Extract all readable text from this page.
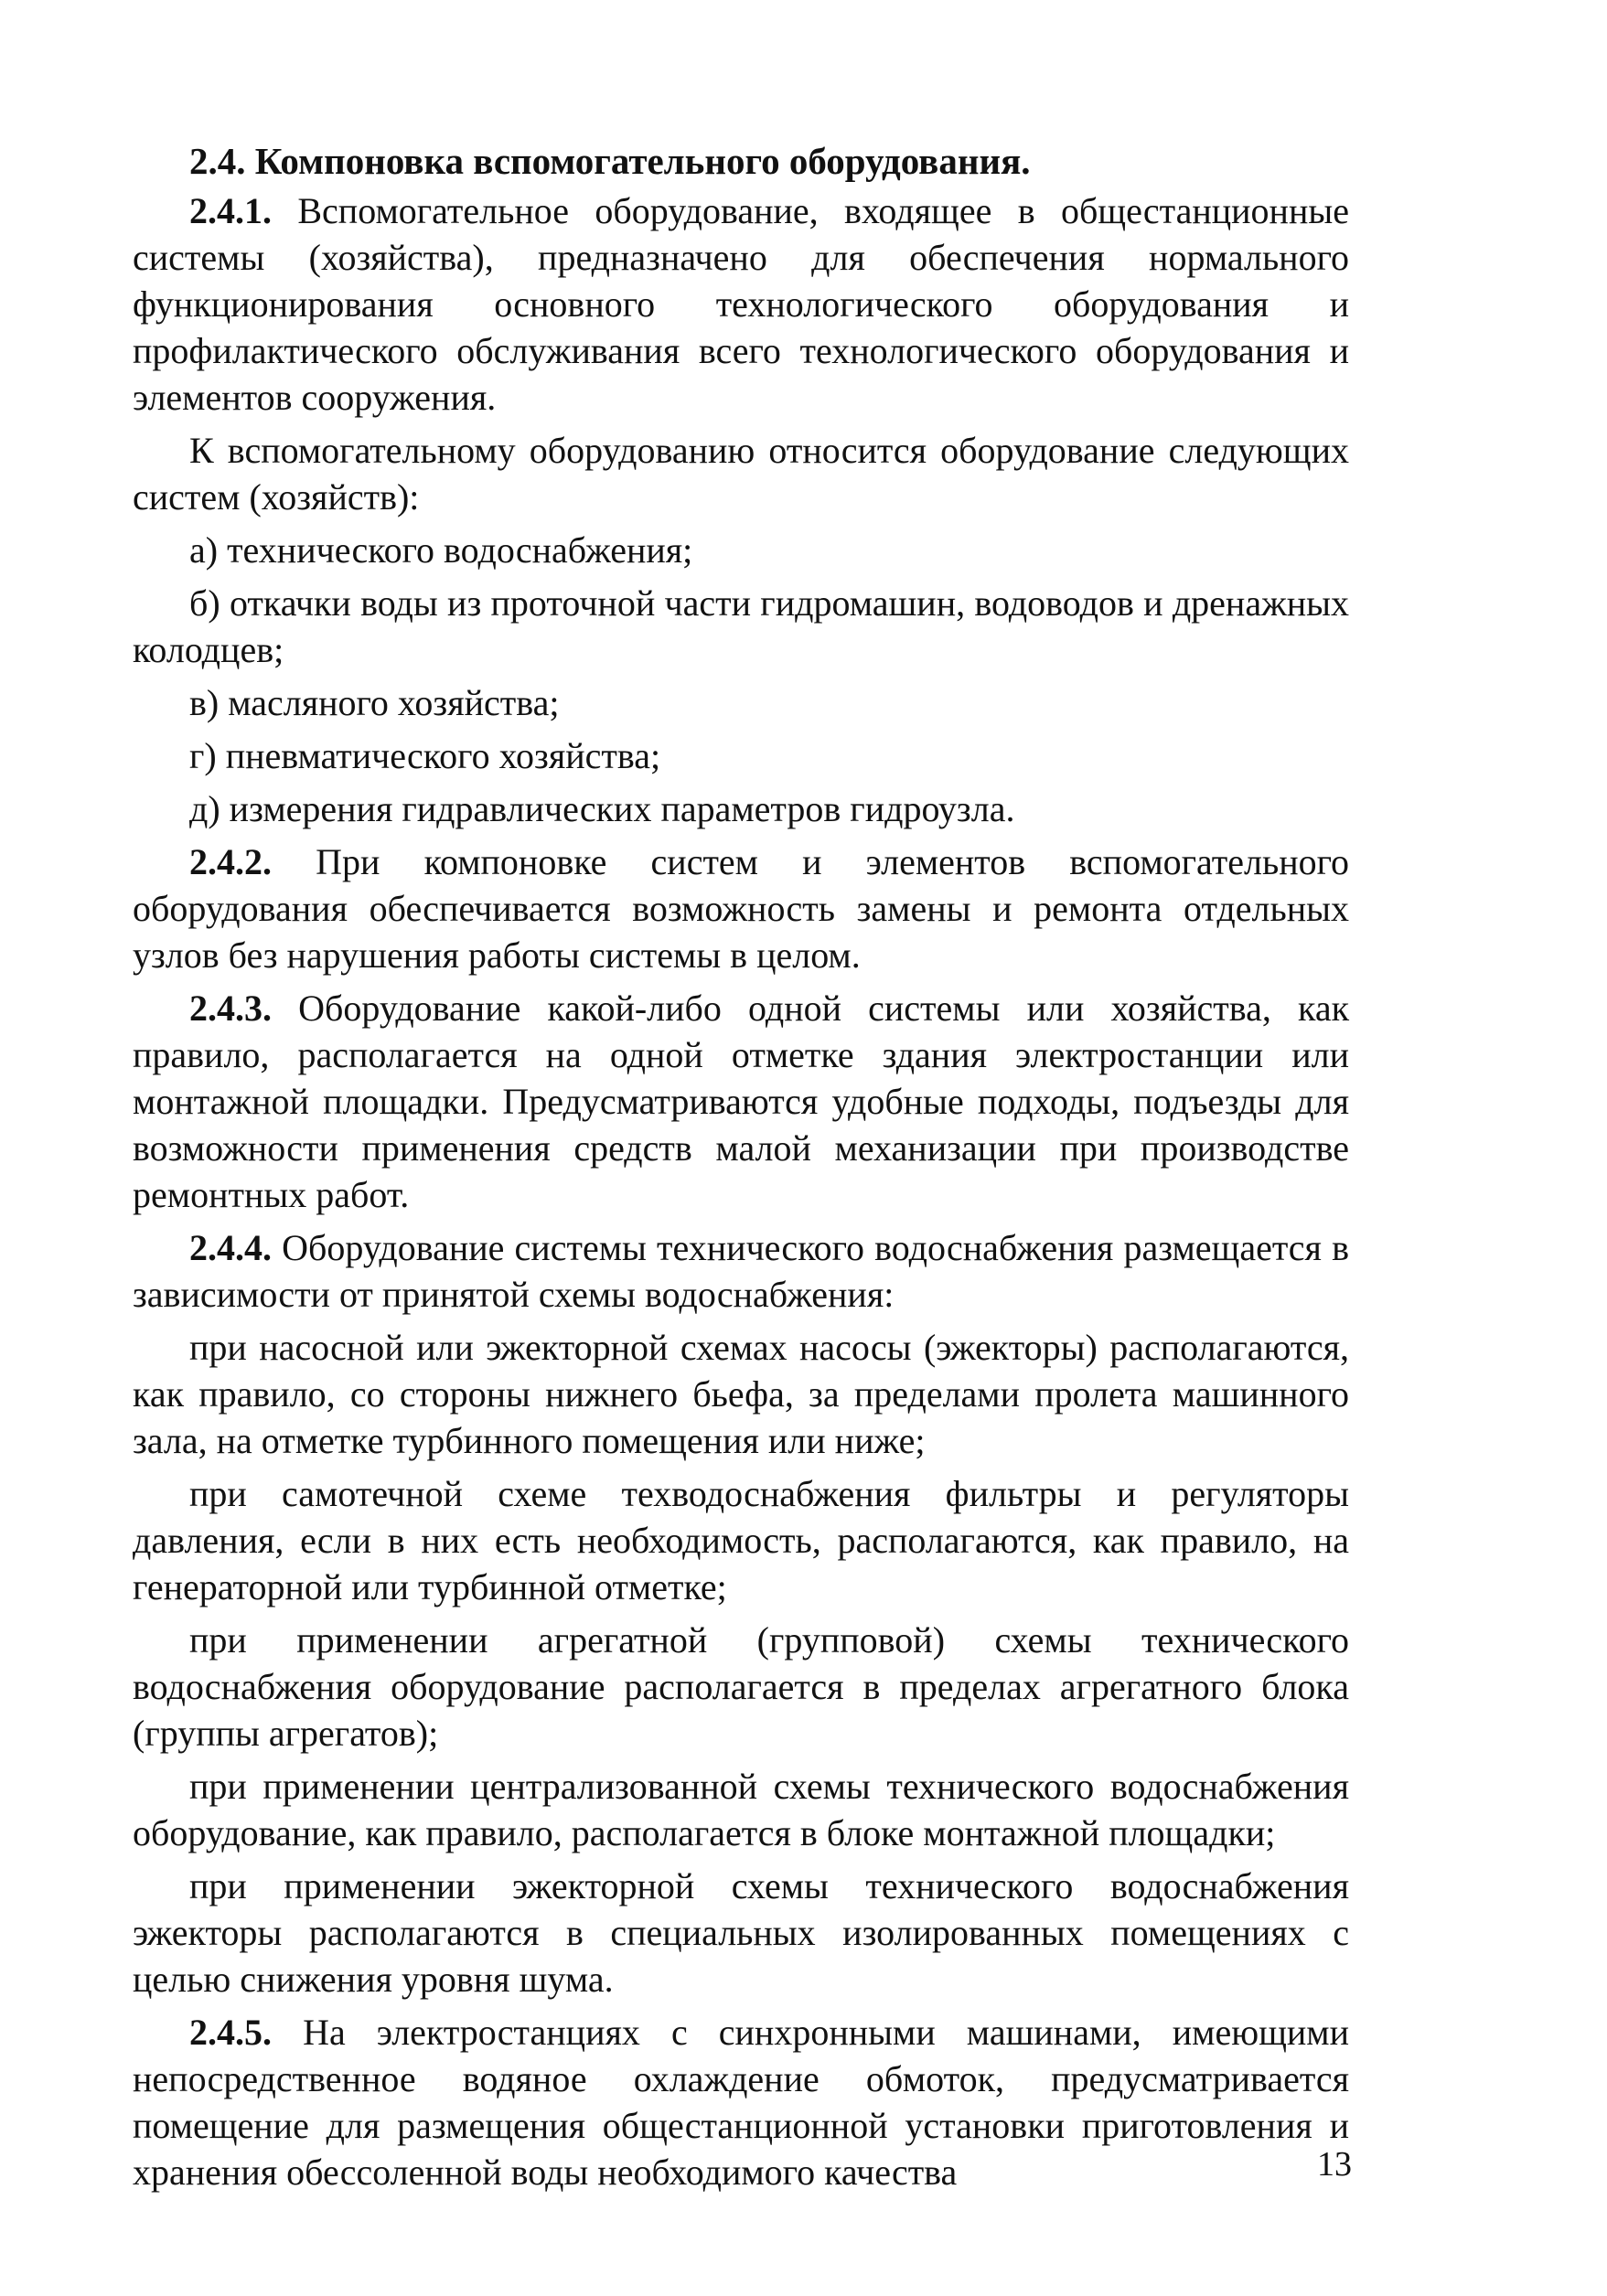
2.4. Компоновка вспомогательного оборудования.
2.4.1. Вспомогательное оборудование, входящее в общестанционные системы (хозяйства), предназначено для обеспечения нормального функционирования основного технологического оборудования и профилактического обслуживания всего технологического оборудования и элементов сооружения.
К вспомогательному оборудованию относится оборудование следующих систем (хозяйств):
а) технического водоснабжения;
б) откачки воды из проточной части гидромашин, водоводов и дренажных колодцев;
в) масляного хозяйства;
г) пневматического хозяйства;
д) измерения гидравлических параметров гидроузла.
2.4.2. При компоновке систем и элементов вспомогательного оборудования обеспечивается возможность замены и ремонта отдельных узлов без нарушения работы системы в целом.
2.4.3. Оборудование какой-либо одной системы или хозяйства, как правило, располагается на одной отметке здания электростанции или монтажной площадки. Предусматриваются удобные подходы, подъезды для возможности применения средств малой механизации при производстве ремонтных работ.
2.4.4. Оборудование системы технического водоснабжения размещается в зависимости от принятой схемы водоснабжения:
при насосной или эжекторной схемах насосы (эжекторы) располагаются, как правило, со стороны нижнего бьефа, за пределами пролета машинного зала, на отметке турбинного помещения или ниже;
при самотечной схеме техводоснабжения фильтры и регуляторы давления, если в них есть необходимость, располагаются, как правило, на генераторной или турбинной отметке;
при применении агрегатной (групповой) схемы технического водоснабжения оборудование располагается в пределах агрегатного блока (группы агрегатов);
при применении централизованной схемы технического водоснабжения оборудование, как правило, располагается в блоке монтажной площадки;
при применении эжекторной схемы технического водоснабжения эжекторы располагаются в специальных изолированных помещениях с целью снижения уровня шума.
2.4.5. На электростанциях с синхронными машинами, имеющими непосредственное водяное охлаждение обмоток, предусматривается помещение для размещения общестанционной установки приготовления и хранения обессоленной воды необходимого качества	13
